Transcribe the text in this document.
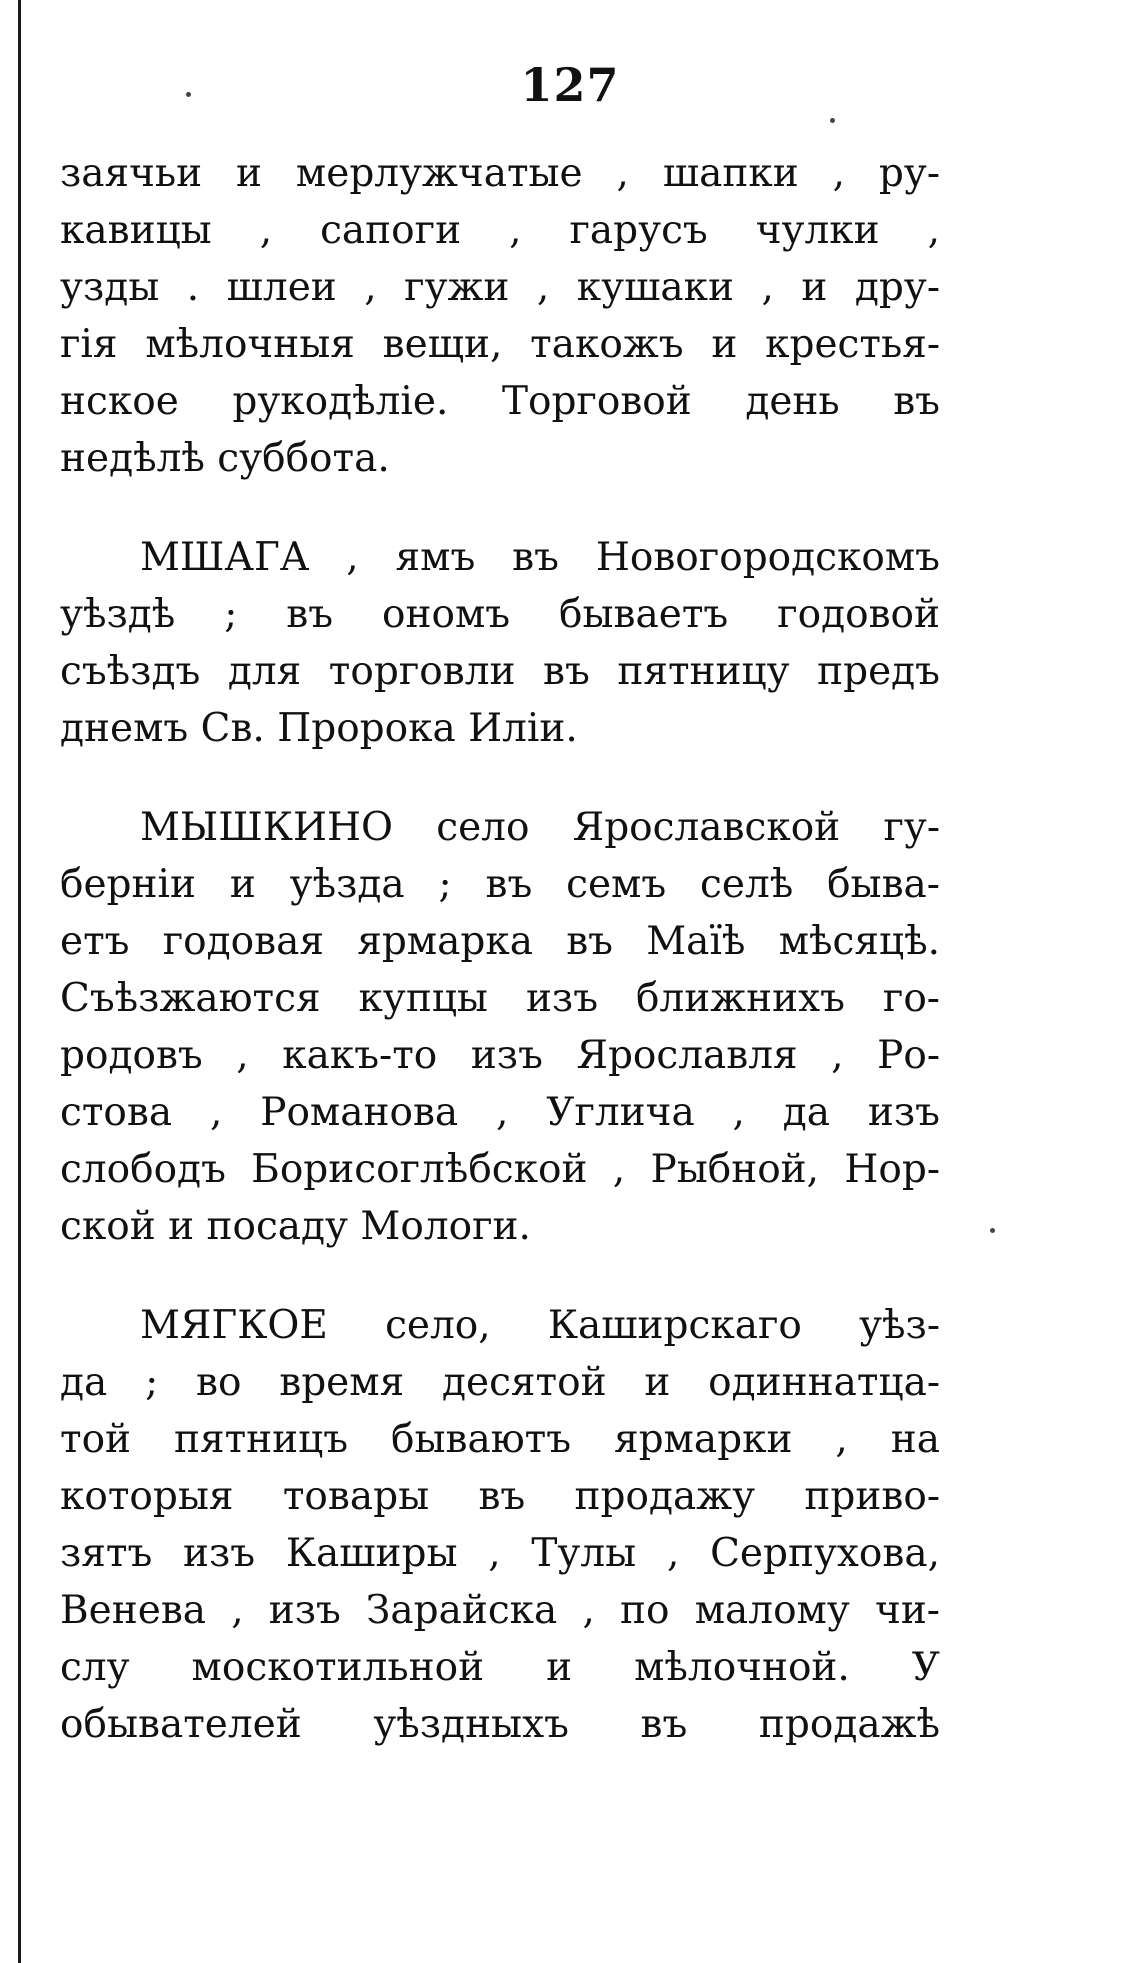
127
заячьи и мерлужчатые , шапки , ру-
кавицы , сапоги , гарусъ чулки ,
узды . шлеи , гужи , кушаки , и дру-
гія мѣлочныя вещи, такожъ и крестья-
нское рукодѣліе. Торговой день въ
недѣлѣ суббота.
МШАГА , ямъ въ Новогородскомъ
уѣздѣ ; въ ономъ бываетъ годовой
съѣздъ для торговли въ пятницу предъ
днемъ Св. Пророка Иліи.
МЫШКИНО село Ярославской гу-
берніи и уѣзда ; въ семъ селѣ бывa-
етъ годовая ярмарка въ Маїѣ мѣсяцѣ.
Съѣзжаются купцы изъ ближнихъ го-
родовъ , какъ-то изъ Ярославля , Ро-
стова , Романова , Углича , да изъ
слободъ Борисоглѣбской , Рыбной, Нор-
ской и посаду Мологи.
МЯГКОЕ село, Каширскаго уѣз-
да ; во время десятой и одиннатца-
той пятницъ бываютъ ярмарки , на
которыя товары въ продажу приво-
зятъ изъ Каширы , Тулы , Серпухова,
Венева , изъ Зарайска , по малому чи-
слу москотильной и мѣлочной. У
обывателей уѣздныхъ въ продажѣ
